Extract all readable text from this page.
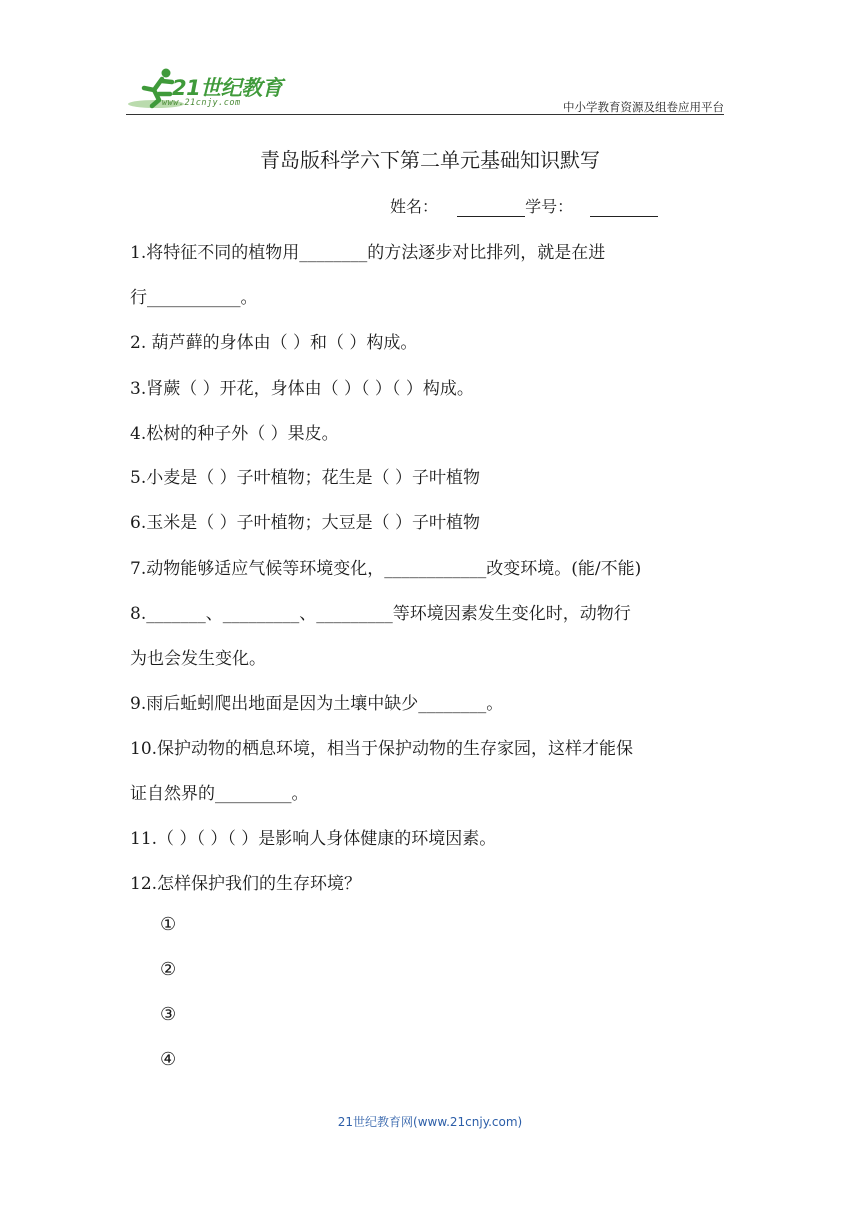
21世纪教育
www.21cnjy.com	中小学教育资源及组卷应用平台
青岛版科学六下第二单元基础知识默写
姓名：	学号：
1.将特征不同的植物用________的方法逐步对比排列，就是在进
行___________。
2. 葫芦藓的身体由（ ）和（ ）构成。
3.肾蕨（ ）开花，身体由（ ）（ ）（ ）构成。
4.松树的种子外（ ）果皮。
5.小麦是（ ）子叶植物；花生是（ ）子叶植物
6.玉米是（ ）子叶植物；大豆是（ ）子叶植物
7.动物能够适应气候等环境变化，____________改变环境。(能/不能)
8._______、_________、_________等环境因素发生变化时，动物行
为也会发生变化。
9.雨后蚯蚓爬出地面是因为土壤中缺少________。
10.保护动物的栖息环境，相当于保护动物的生存家园，这样才能保
证自然界的_________。
11.（ ）（ ）（ ）是影响人身体健康的环境因素。
12.怎样保护我们的生存环境？
①
②
③
④
21世纪教育网(www.21cnjy.com)
